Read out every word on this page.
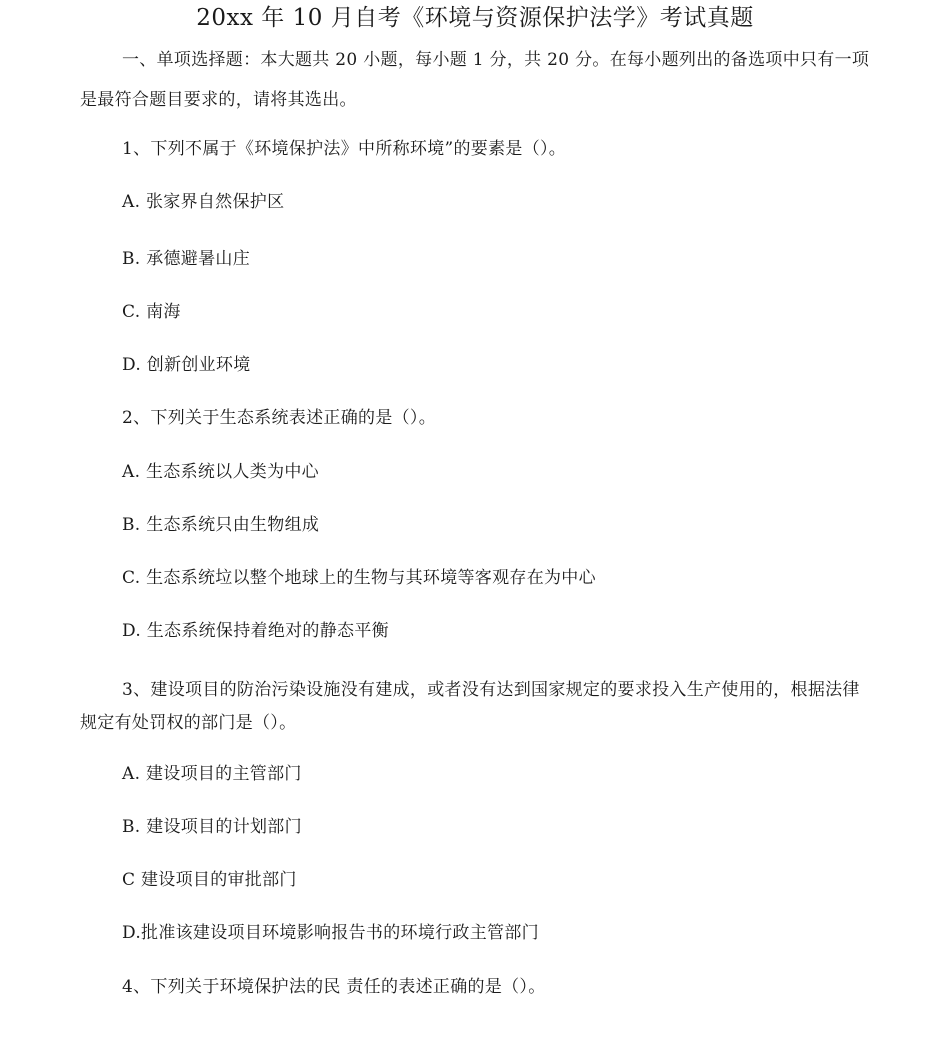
20xx 年 10 月自考《环境与资源保护法学》考试真题
一、单项选择题：本大题共 20 小题，每小题 1 分，共 20 分。在每小题列出的备选项中只有一项是最符合题目要求的，请将其选出。
1、下列不属于《环境保护法》中所称环境”的要素是（）。
A. 张家界自然保护区
B. 承德避暑山庄
C. 南海
D. 创新创业环境
2、下列关于生态系统表述正确的是（）。
A. 生态系统以人类为中心
B. 生态系统只由生物组成
C. 生态系统垃以整个地球上的生物与其环境等客观存在为中心
D. 生态系统保持着绝对的静态平衡
3、建设项目的防治污染设施没有建成，或者没有达到国家规定的要求投入生产使用的，根据法律规定有处罚权的部门是（）。
A. 建设项目的主管部门
B. 建设项目的计划部门
C 建设项目的审批部门
D.批准该建设项目环境影响报告书的环境行政主管部门
4、下列关于环境保护法的民 责任的表述正确的是（）。
